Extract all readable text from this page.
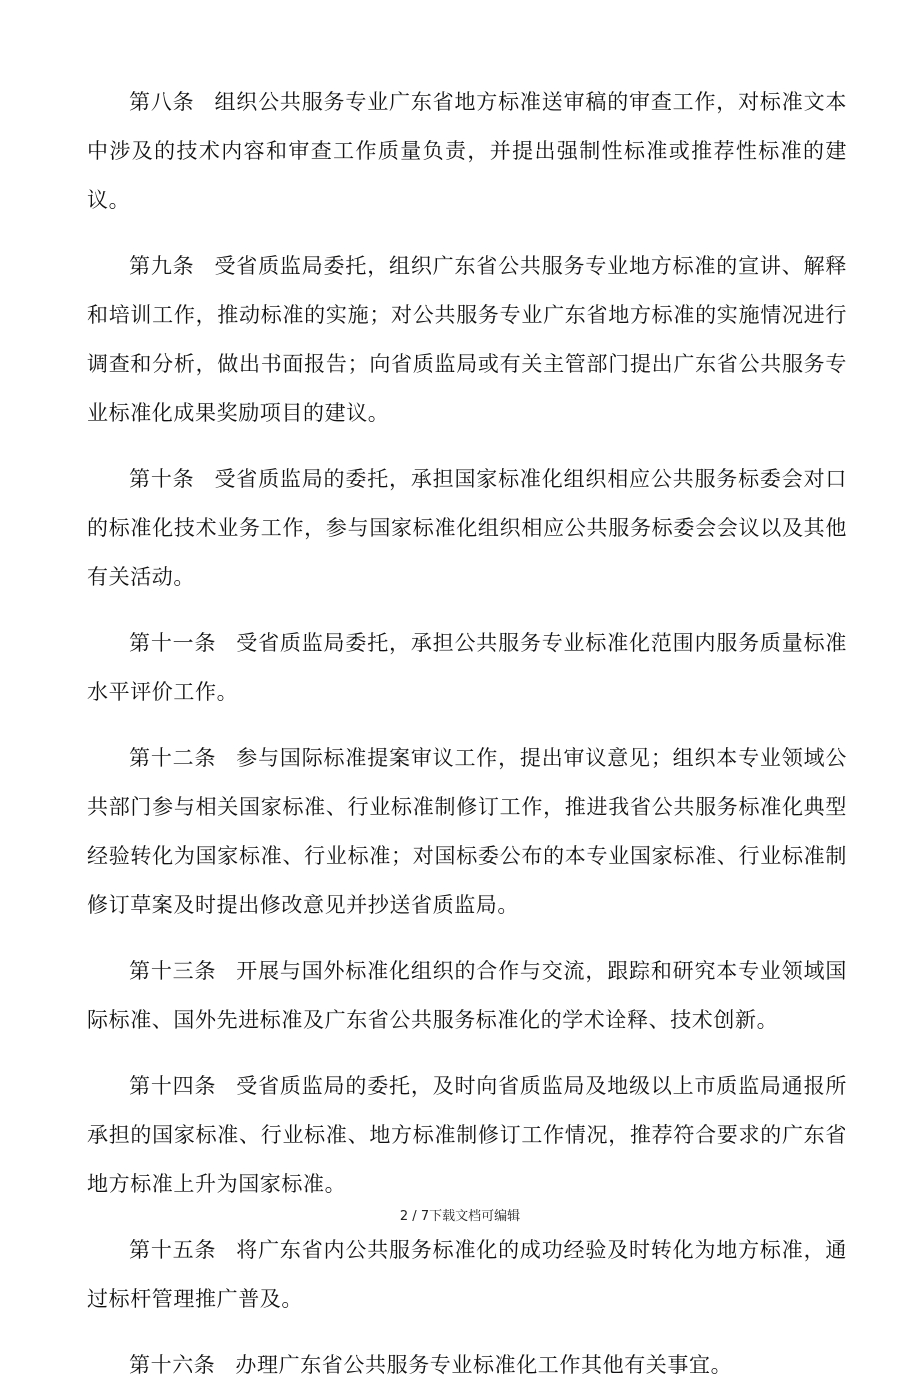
第八条 组织公共服务专业广东省地方标准送审稿的审查工作，对标准文本中涉及的技术内容和审查工作质量负责，并提出强制性标准或推荐性标准的建议。
第九条 受省质监局委托，组织广东省公共服务专业地方标准的宣讲、解释和培训工作，推动标准的实施；对公共服务专业广东省地方标准的实施情况进行调查和分析，做出书面报告；向省质监局或有关主管部门提出广东省公共服务专业标准化成果奖励项目的建议。
第十条 受省质监局的委托，承担国家标准化组织相应公共服务标委会对口的标准化技术业务工作，参与国家标准化组织相应公共服务标委会会议以及其他有关活动。
第十一条 受省质监局委托，承担公共服务专业标准化范围内服务质量标准水平评价工作。
第十二条 参与国际标准提案审议工作，提出审议意见；组织本专业领域公共部门参与相关国家标准、行业标准制修订工作，推进我省公共服务标准化典型经验转化为国家标准、行业标准；对国标委公布的本专业国家标准、行业标准制修订草案及时提出修改意见并抄送省质监局。
第十三条 开展与国外标准化组织的合作与交流，跟踪和研究本专业领域国际标准、国外先进标准及广东省公共服务标准化的学术诠释、技术创新。
第十四条 受省质监局的委托，及时向省质监局及地级以上市质监局通报所承担的国家标准、行业标准、地方标准制修订工作情况，推荐符合要求的广东省地方标准上升为国家标准。
第十五条 将广东省内公共服务标准化的成功经验及时转化为地方标准，通过标杆管理推广普及。
第十六条 办理广东省公共服务专业标准化工作其他有关事宜。
2 / 7下载文档可编辑
